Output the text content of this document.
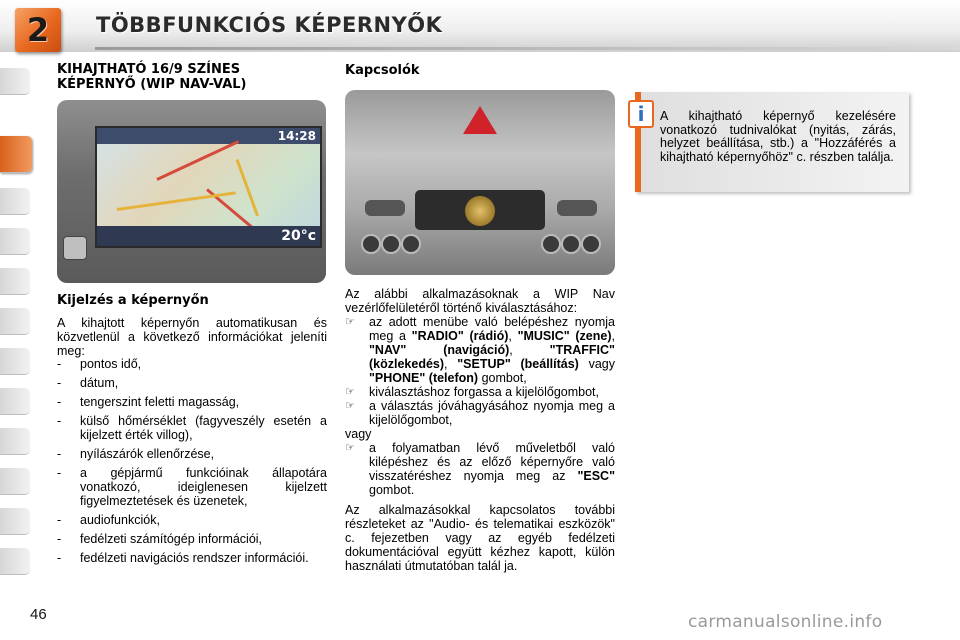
2 TÖBBFUNKCIÓS KÉPERNYŐK
KIHAJTHATÓ 16/9 SZÍNES
KÉPERNYŐ (WIP NAV-VAL)
14:28
20°c
Kijelzés a képernyőn
A kihajtott képernyőn automatikusan és közvetlenül a következő információkat jeleníti meg:
- pontos idő,
- dátum,
- tengerszint feletti magasság,
- külső hőmérséklet (fagyveszély esetén a kijelzett érték villog),
- nyílászárók ellenőrzése,
- a gépjármű funkcióinak állapotára vonatkozó, ideiglenesen kijelzett figyelmeztetések és üzenetek,
- audiofunkciók,
- fedélzeti számítógép információi,
- fedélzeti navigációs rendszer információi.
Kapcsolók
Az alábbi alkalmazásoknak a WIP Nav vezérlőfelületéről történő kiválasztásához:
☞ az adott menübe való belépéshez nyomja meg a "RADIO" (rádió), "MUSIC" (zene), "NAV" (navigáció), "TRAFFIC" (közlekedés), "SETUP" (beállítás) vagy "PHONE" (telefon) gombot,
☞ kiválasztáshoz forgassa a kijelölőgombot,
☞ a választás jóváhagyásához nyomja meg a kijelölőgombot,
vagy
☞ a folyamatban lévő műveletből való kilépéshez és az előző képernyőre való visszatéréshez nyomja meg az "ESC" gombot.
Az alkalmazásokkal kapcsolatos további részleteket az "Audio- és telematikai eszközök" c. fejezetben vagy az egyéb fedélzeti dokumentációval együtt kézhez kapott, külön használati útmutatóban talál ja.
i	A kihajtható képernyő kezelésére vonatkozó tudnivalókat (nyitás, zárás, helyzet beállítása, stb.) a "Hozzáférés a kihajtható képernyőhöz" c. részben találja.
46	carmanualsonline.info
